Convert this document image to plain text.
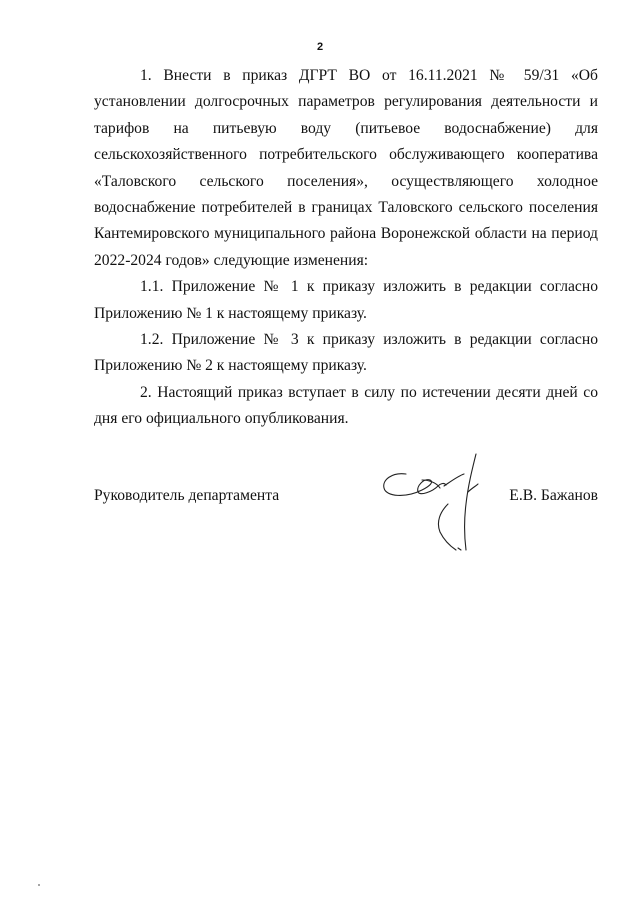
2

1. Внести в приказ ДГРТ ВО от 16.11.2021 № 59/31 «Об установлении долгосрочных параметров регулирования деятельности и тарифов на питьевую воду (питьевое водоснабжение) для сельскохозяйственного потребительского обслуживающего кооператива «Таловского сельского поселения», осуществляющего холодное водоснабжение потребителей в границах Таловского сельского поселения Кантемировского муниципального района Воронежской области на период 2022-2024 годов» следующие изменения:

1.1. Приложение № 1 к приказу изложить в редакции согласно Приложению № 1 к настоящему приказу.

1.2. Приложение № 3 к приказу изложить в редакции согласно Приложению № 2 к настоящему приказу.

2. Настоящий приказ вступает в силу по истечении десяти дней со дня его официального опубликования.

Руководитель департамента	Е.В. Бажанов
